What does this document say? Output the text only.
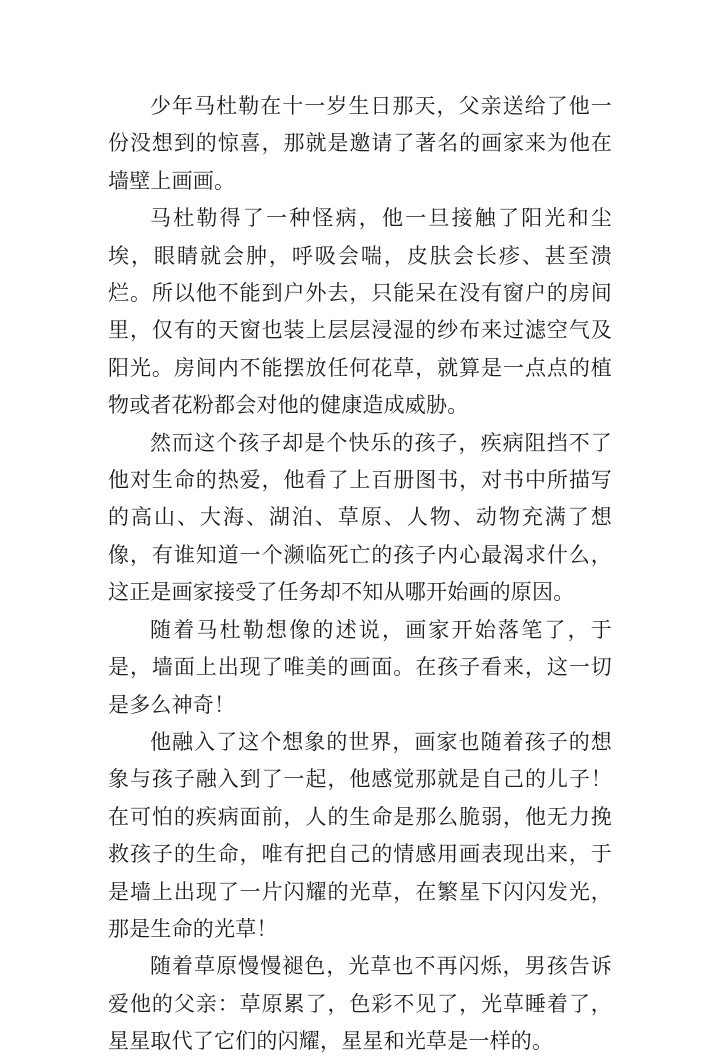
少年马杜勒在十一岁生日那天，父亲送给了他一份没想到的惊喜，那就是邀请了著名的画家来为他在墙壁上画画。

马杜勒得了一种怪病，他一旦接触了阳光和尘埃，眼睛就会肿，呼吸会喘，皮肤会长疹、甚至溃烂。所以他不能到户外去，只能呆在没有窗户的房间里，仅有的天窗也装上层层浸湿的纱布来过滤空气及阳光。房间内不能摆放任何花草，就算是一点点的植物或者花粉都会对他的健康造成威胁。

然而这个孩子却是个快乐的孩子，疾病阻挡不了他对生命的热爱，他看了上百册图书，对书中所描写的高山、大海、湖泊、草原、人物、动物充满了想像，有谁知道一个濒临死亡的孩子内心最渴求什么，这正是画家接受了任务却不知从哪开始画的原因。

随着马杜勒想像的述说，画家开始落笔了，于是，墙面上出现了唯美的画面。在孩子看来，这一切是多么神奇！

他融入了这个想象的世界，画家也随着孩子的想象与孩子融入到了一起，他感觉那就是自己的儿子！在可怕的疾病面前，人的生命是那么脆弱，他无力挽救孩子的生命，唯有把自己的情感用画表现出来，于是墙上出现了一片闪耀的光草，在繁星下闪闪发光，那是生命的光草！

随着草原慢慢褪色，光草也不再闪烁，男孩告诉爱他的父亲：草原累了，色彩不见了，光草睡着了，星星取代了它们的闪耀，星星和光草是一样的。
